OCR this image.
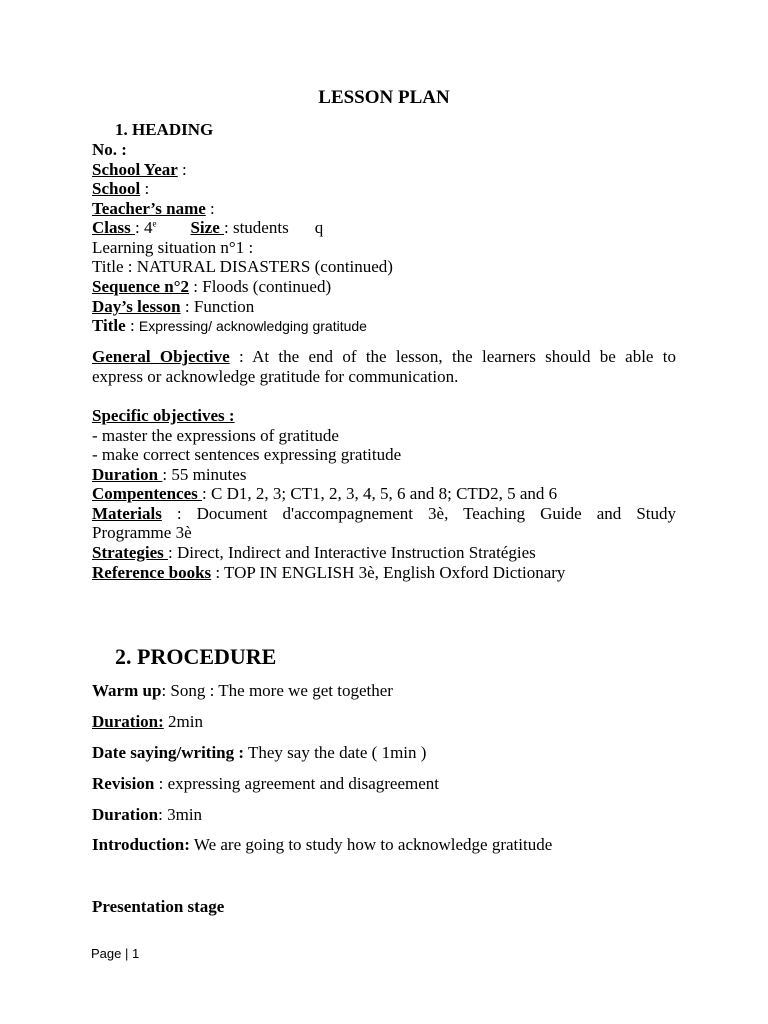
LESSON PLAN
1. HEADING
No. :
School Year :
School :
Teacher’s name :
Class : 4e Size : students q
Learning situation n°1 :
Title : NATURAL DISASTERS (continued)
Sequence n°2 : Floods (continued)
Day’s lesson : Function
Title : Expressing/ acknowledging gratitude
General Objective : At the end of the lesson, the learners should be able to
express or acknowledge gratitude for communication.
Specific objectives :
- master the expressions of gratitude
- make correct sentences expressing gratitude
Duration : 55 minutes
Compentences : C D1, 2, 3; CT1, 2, 3, 4, 5, 6 and 8; CTD2, 5 and 6
Materials : Document d'accompagnement 3è, Teaching Guide and Study
Programme 3è
Strategies : Direct, Indirect and Interactive Instruction Stratégies
Reference books : TOP IN ENGLISH 3è, English Oxford Dictionary
2. PROCEDURE
Warm up: Song : The more we get together
Duration: 2min
Date saying/writing : They say the date ( 1min )
Revision : expressing agreement and disagreement
Duration: 3min
Introduction: We are going to study how to acknowledge gratitude
Presentation stage
Page | 1
